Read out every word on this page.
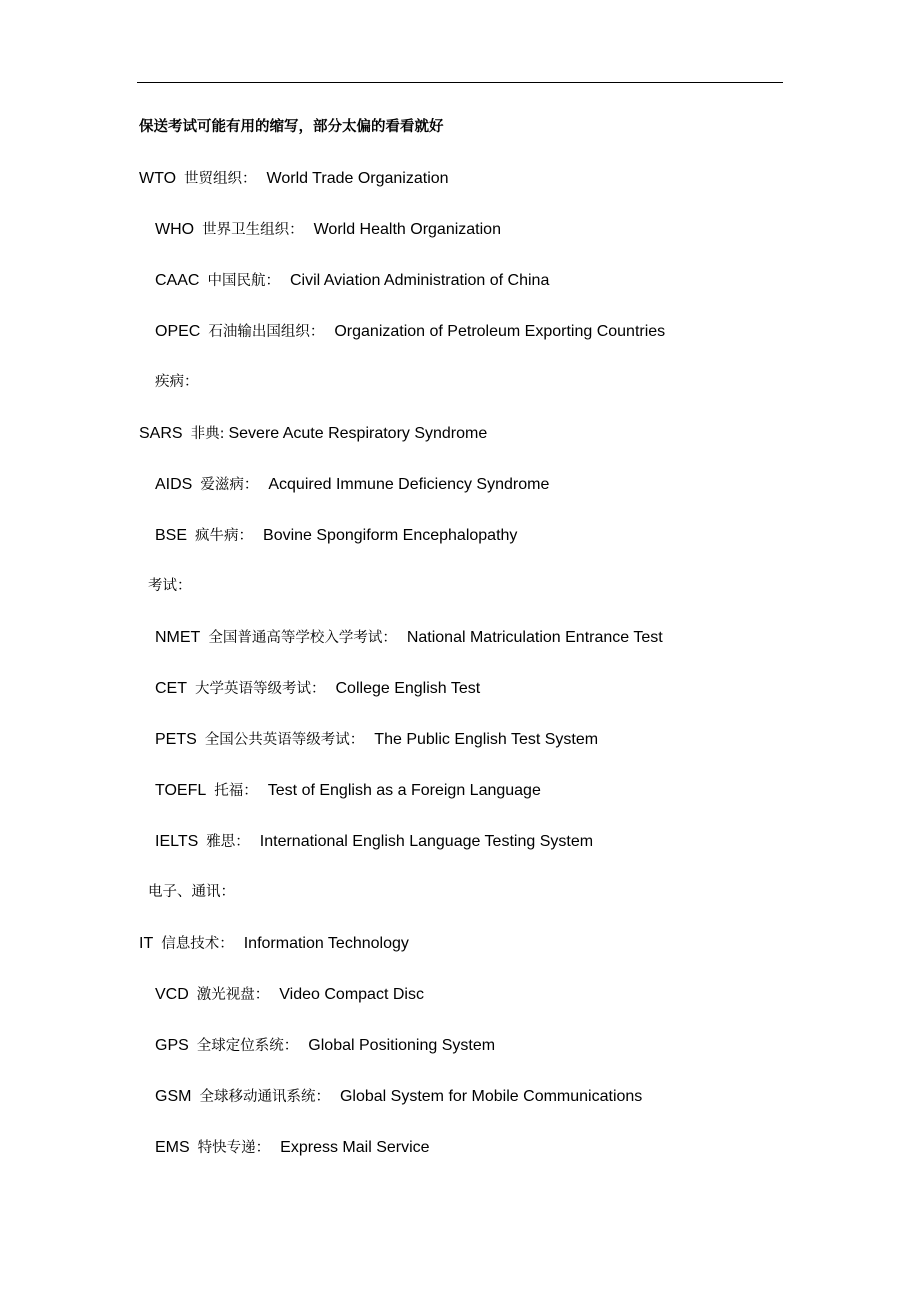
保送考试可能有用的缩写，部分太偏的看看就好
WTO 世贸组织： World Trade Organization
WHO 世界卫生组织： World Health Organization
CAAC 中国民航： Civil Aviation Administration of China
OPEC 石油输出国组织： Organization of Petroleum Exporting Countries
疾病：
SARS 非典: Severe Acute Respiratory Syndrome
AIDS 爱滋病： Acquired Immune Deficiency Syndrome
BSE 疯牛病： Bovine Spongiform Encephalopathy
考试：
NMET 全国普通高等学校入学考试： National Matriculation Entrance Test
CET 大学英语等级考试： College English Test
PETS 全国公共英语等级考试： The Public English Test System
TOEFL 托福： Test of English as a Foreign Language
IELTS 雅思： International English Language Testing System
电子、通讯：
IT 信息技术： Information Technology
VCD 激光视盘： Video Compact Disc
GPS 全球定位系统： Global Positioning System
GSM 全球移动通讯系统： Global System for Mobile Communications
EMS 特快专递： Express Mail Service
